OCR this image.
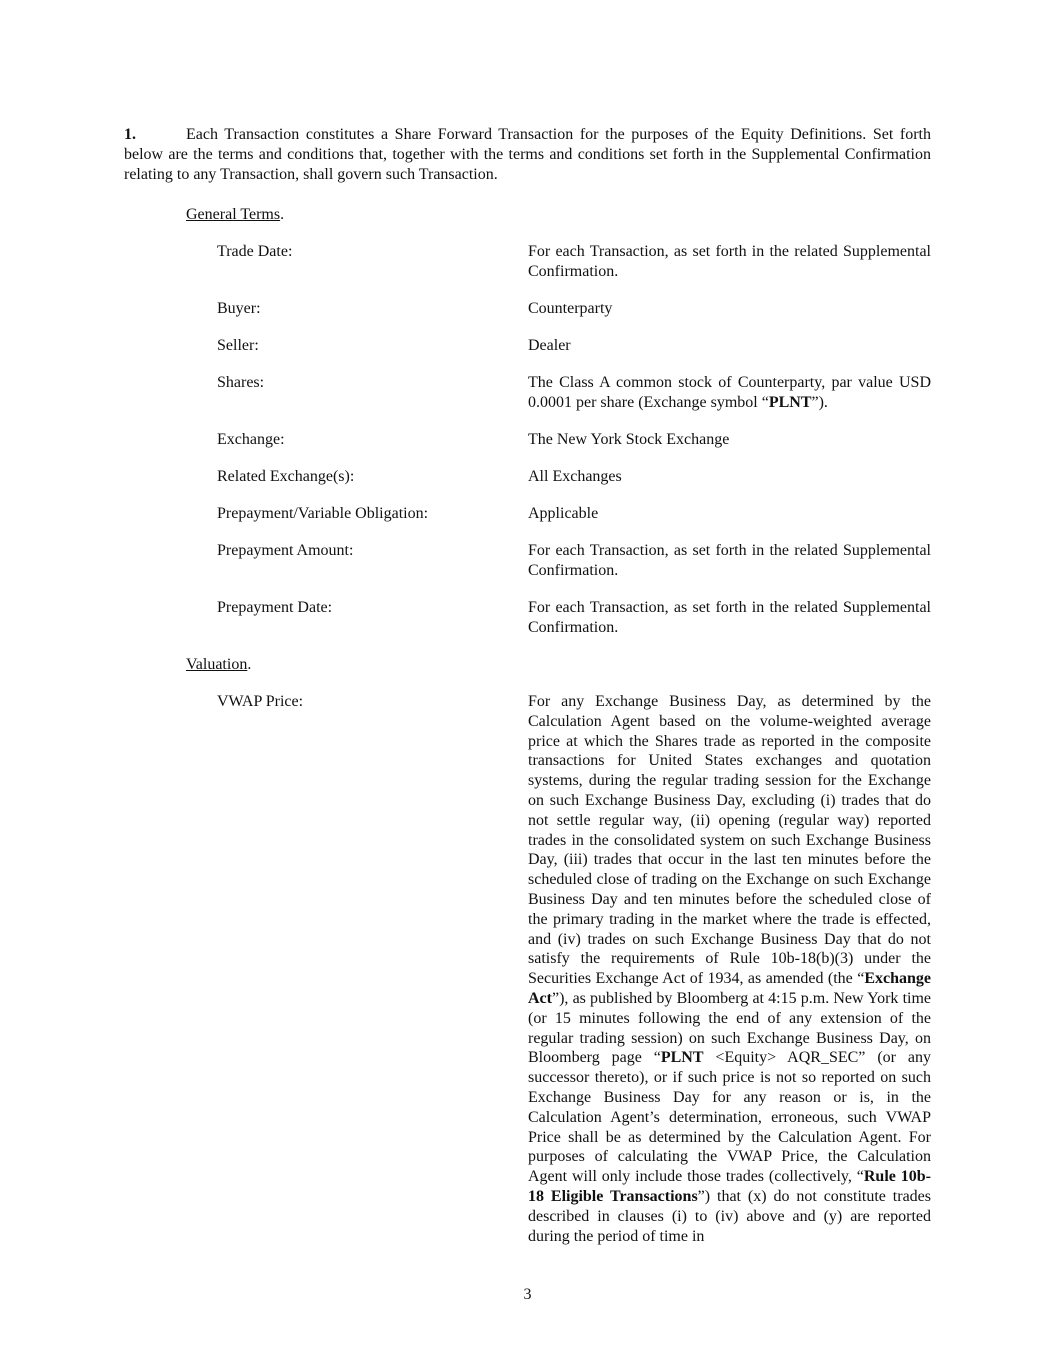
1.	Each Transaction constitutes a Share Forward Transaction for the purposes of the Equity Definitions. Set forth below are the terms and conditions that, together with the terms and conditions set forth in the Supplemental Confirmation relating to any Transaction, shall govern such Transaction.
General Terms.
Trade Date:	For each Transaction, as set forth in the related Supplemental Confirmation.
Buyer:	Counterparty
Seller:	Dealer
Shares:	The Class A common stock of Counterparty, par value USD 0.0001 per share (Exchange symbol “PLNT”).
Exchange:	The New York Stock Exchange
Related Exchange(s):	All Exchanges
Prepayment/Variable Obligation:	Applicable
Prepayment Amount:	For each Transaction, as set forth in the related Supplemental Confirmation.
Prepayment Date:	For each Transaction, as set forth in the related Supplemental Confirmation.
Valuation.
VWAP Price:	For any Exchange Business Day, as determined by the Calculation Agent based on the volume-weighted average price at which the Shares trade as reported in the composite transactions for United States exchanges and quotation systems, during the regular trading session for the Exchange on such Exchange Business Day, excluding (i) trades that do not settle regular way, (ii) opening (regular way) reported trades in the consolidated system on such Exchange Business Day, (iii) trades that occur in the last ten minutes before the scheduled close of trading on the Exchange on such Exchange Business Day and ten minutes before the scheduled close of the primary trading in the market where the trade is effected, and (iv) trades on such Exchange Business Day that do not satisfy the requirements of Rule 10b-18(b)(3) under the Securities Exchange Act of 1934, as amended (the “Exchange Act”), as published by Bloomberg at 4:15 p.m. New York time (or 15 minutes following the end of any extension of the regular trading session) on such Exchange Business Day, on Bloomberg page “PLNT <Equity> AQR_SEC” (or any successor thereto), or if such price is not so reported on such Exchange Business Day for any reason or is, in the Calculation Agent’s determination, erroneous, such VWAP Price shall be as determined by the Calculation Agent. For purposes of calculating the VWAP Price, the Calculation Agent will only include those trades (collectively, “Rule 10b-18 Eligible Transactions”) that (x) do not constitute trades described in clauses (i) to (iv) above and (y) are reported during the period of time in
3
